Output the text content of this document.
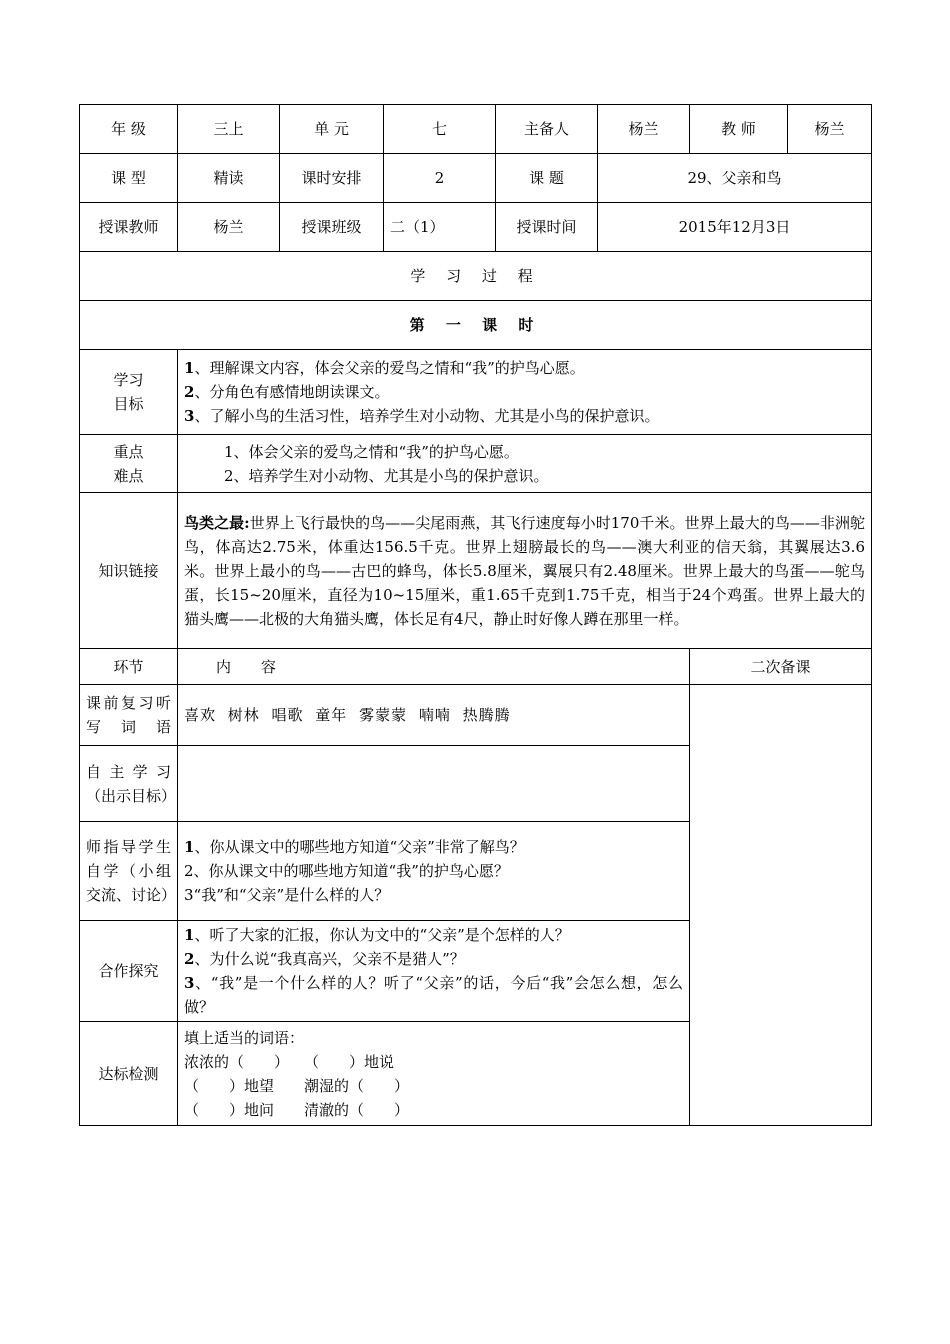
年 级	三上	单 元	七	主备人	杨兰	教 师	杨兰
课 型	精读	课时安排	2	课 题	29、父亲和鸟		
授课教师	杨兰	授课班级	二（1）	授课时间	2015年12月3日		
学 习 过 程							
第 一 课 时							

学习
目标	1、理解课文内容，体会父亲的爱鸟之情和“我”的护鸟心愿。
2、分角色有感情地朗读课文。
3、了解小鸟的生活习性，培养学生对小动物、尤其是小鸟的保护意识。						

重点
难点	1、体会父亲的爱鸟之情和“我”的护鸟心愿。
2、培养学生对小动物、尤其是小鸟的保护意识。						

知识链接	鸟类之最:世界上飞行最快的鸟——尖尾雨燕，其飞行速度每小时170千米。世界上最大的鸟——非洲鸵鸟，体高达2.75米，体重达156.5千克。世界上翅膀最长的鸟——澳大利亚的信天翁，其翼展达3.6米。世界上最小的鸟——古巴的蜂鸟，体长5.8厘米，翼展只有2.48厘米。世界上最大的鸟蛋——鸵鸟蛋，长15~20厘米，直径为10~15厘米，重1.65千克到1.75千克，相当于24个鸡蛋。世界上最大的猫头鹰——北极的大角猫头鹰，体长足有4尺，静止时好像人蹲在那里一样。						
环节	内　　容					二次备课	
课前复习听写词语	喜欢 树林 唱歌 童年 雾蒙蒙 喃喃 热腾腾						
自主学习（出示目标）							
师指导学生自学（小组交流、讨论）	1、你从课文中的哪些地方知道“父亲”非常了解鸟？
2、你从课文中的哪些地方知道“我”的护鸟心愿？
3“我”和“父亲”是什么样的人？						

合作探究	1、听了大家的汇报，你认为文中的“父亲”是个怎样的人？
2、为什么说“我真高兴，父亲不是猎人”？
3、“我”是一个什么样的人？听了“父亲”的话，今后“我”会怎么想，怎么做？						

达标检测	填上适当的词语：
浓浓的（　　）　　（　　）地说
（　　）地望　　潮湿的（　　）
（　　）地问　　清澈的（　　）						
